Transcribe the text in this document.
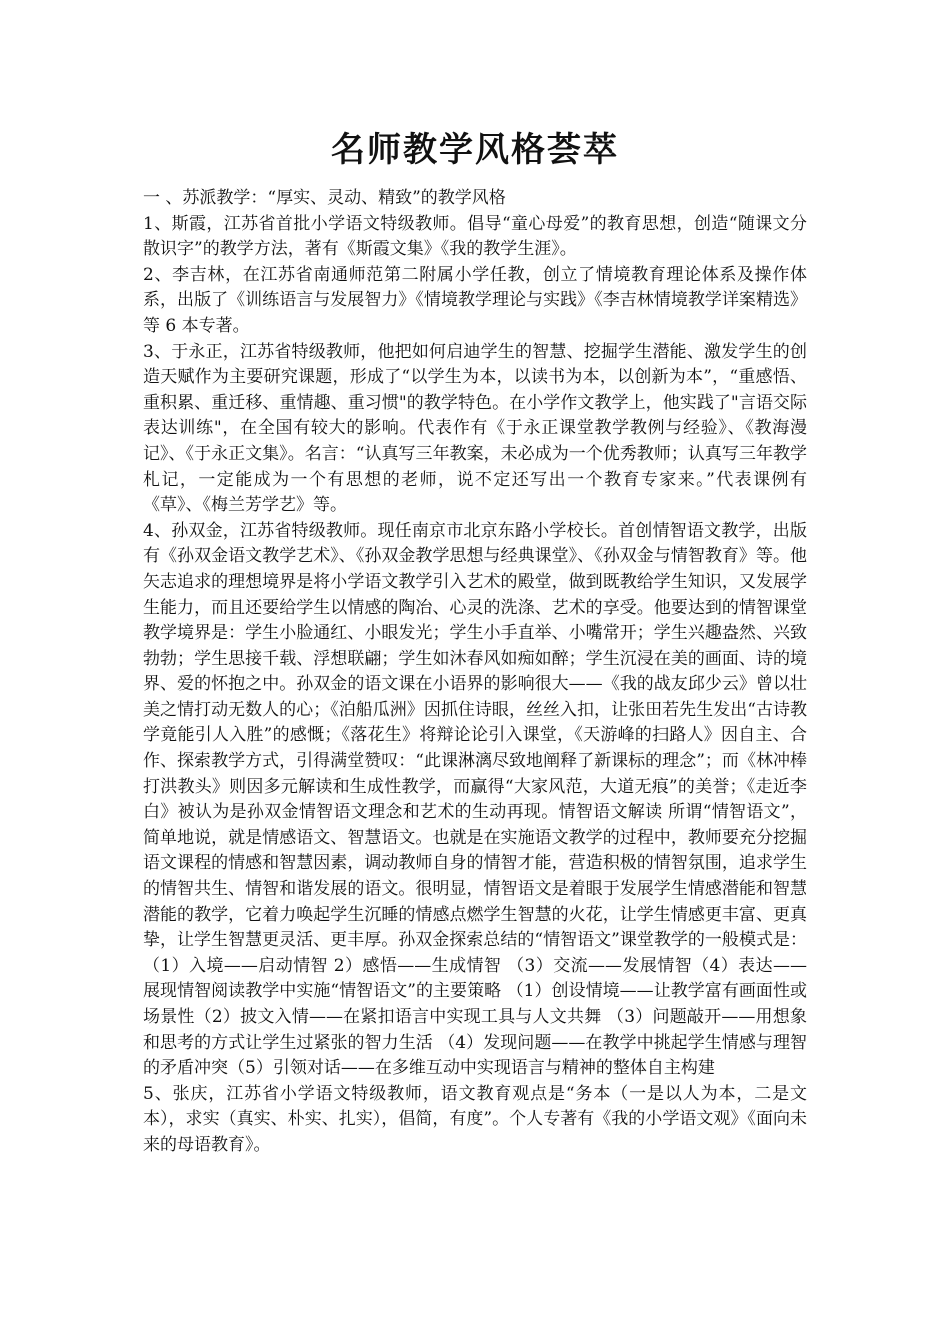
名师教学风格荟萃

一 、苏派教学：“厚实、灵动、精致”的教学风格

1、斯霞，江苏省首批小学语文特级教师。倡导“童心母爱”的教育思想，创造“随课文分散识字”的教学方法，著有《斯霞文集》《我的教学生涯》。

2、李吉林，在江苏省南通师范第二附属小学任教，创立了情境教育理论体系及操作体系，出版了《训练语言与发展智力》《情境教学理论与实践》《李吉林情境教学详案精选》等 6 本专著。

3、于永正，江苏省特级教师，他把如何启迪学生的智慧、挖掘学生潜能、激发学生的创造天赋作为主要研究课题，形成了“以学生为本，以读书为本，以创新为本”，“重感悟、重积累、重迁移、重情趣、重习惯"的教学特色。在小学作文教学上，他实践了"言语交际表达训练"，在全国有较大的影响。代表作有《于永正课堂教学教例与经验》、《教海漫记》、《于永正文集》。名言：“认真写三年教案，未必成为一个优秀教师；认真写三年教学札记，一定能成为一个有思想的老师，说不定还写出一个教育专家来。”代表课例有《草》、《梅兰芳学艺》等。

4、孙双金，江苏省特级教师。现任南京市北京东路小学校长。首创情智语文教学，出版有《孙双金语文教学艺术》、《孙双金教学思想与经典课堂》、《孙双金与情智教育》等。他矢志追求的理想境界是将小学语文教学引入艺术的殿堂，做到既教给学生知识，又发展学生能力，而且还要给学生以情感的陶冶、心灵的洗涤、艺术的享受。他要达到的情智课堂教学境界是：学生小脸通红、小眼发光；学生小手直举、小嘴常开；学生兴趣盎然、兴致勃勃；学生思接千载、浮想联翩；学生如沐春风如痴如醉；学生沉浸在美的画面、诗的境界、爱的怀抱之中。孙双金的语文课在小语界的影响很大——《我的战友邱少云》曾以壮美之情打动无数人的心；《泊船瓜洲》因抓住诗眼，丝丝入扣，让张田若先生发出“古诗教学竟能引人入胜”的感慨；《落花生》将辩论论引入课堂，《天游峰的扫路人》因自主、合作、探索教学方式，引得满堂赞叹：“此课淋漓尽致地阐释了新课标的理念”；而《林冲棒打洪教头》则因多元解读和生成性教学，而赢得“大家风范，大道无痕”的美誉；《走近李白》被认为是孙双金情智语文理念和艺术的生动再现。情智语文解读 所谓“情智语文”，简单地说，就是情感语文、智慧语文。也就是在实施语文教学的过程中，教师要充分挖掘语文课程的情感和智慧因素，调动教师自身的情智才能，营造积极的情智氛围，追求学生的情智共生、情智和谐发展的语文。很明显，情智语文是着眼于发展学生情感潜能和智慧潜能的教学，它着力唤起学生沉睡的情感点燃学生智慧的火花，让学生情感更丰富、更真挚，让学生智慧更灵活、更丰厚。孙双金探索总结的“情智语文”课堂教学的一般模式是：（1）入境——启动情智 2）感悟——生成情智 （3）交流——发展情智（4）表达——展现情智阅读教学中实施“情智语文”的主要策略 （1）创设情境——让教学富有画面性或场景性（2）披文入情——在紧扣语言中实现工具与人文共舞 （3）问题敲开——用想象和思考的方式让学生过紧张的智力生活 （4）发现问题——在教学中挑起学生情感与理智的矛盾冲突（5）引领对话——在多维互动中实现语言与精神的整体自主构建

5、张庆，江苏省小学语文特级教师，语文教育观点是“务本（一是以人为本，二是文本），求实（真实、朴实、扎实），倡简，有度”。个人专著有《我的小学语文观》《面向未来的母语教育》。
